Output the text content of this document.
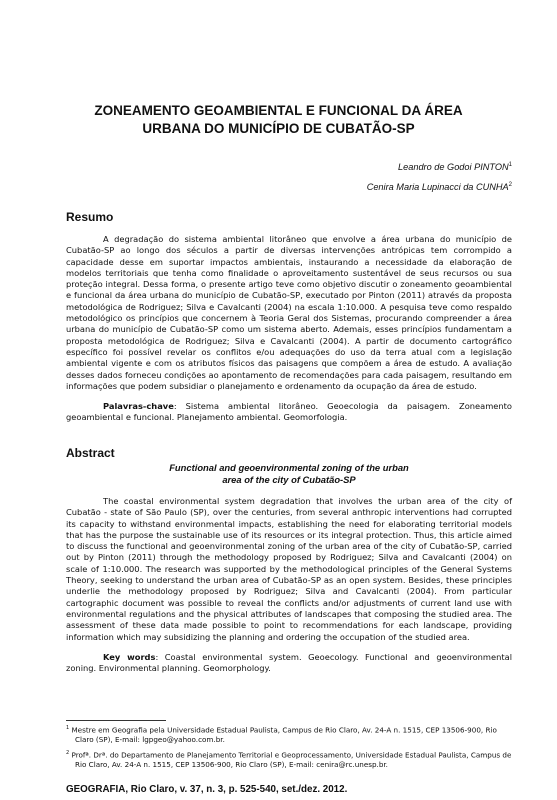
ZONEAMENTO GEOAMBIENTAL E FUNCIONAL DA ÁREA
URBANA DO MUNICÍPIO DE CUBATÃO-SP
Leandro de Godoi PINTON$^1$
Cenira Maria Lupinacci da CUNHA$^2$
Resumo

A degradação do sistema ambiental litorâneo que envolve a área urbana do município de Cubatão-SP ao longo dos séculos a partir de diversas intervenções antrópicas tem corrompido a capacidade desse em suportar impactos ambientais, instaurando a necessidade da elaboração de modelos territoriais que tenha como finalidade o aproveitamento sustentável de seus recursos ou sua proteção integral. Dessa forma, o presente artigo teve como objetivo discutir o zoneamento geoambiental e funcional da área urbana do município de Cubatão-SP, executado por Pinton (2011) através da proposta metodológica de Rodriguez; Silva e Cavalcanti (2004) na escala 1:10.000. A pesquisa teve como respaldo metodológico os princípios que concernem à Teoria Geral dos Sistemas, procurando compreender a área urbana do município de Cubatão-SP como um sistema aberto. Ademais, esses princípios fundamentam a proposta metodológica de Rodriguez; Silva e Cavalcanti (2004). A partir de documento cartográfico específico foi possível revelar os conflitos e/ou adequações do uso da terra atual com a legislação ambiental vigente e com os atributos físicos das paisagens que compõem a área de estudo. A avaliação desses dados forneceu condições ao apontamento de recomendações para cada paisagem, resultando em informações que podem subsidiar o planejamento e ordenamento da ocupação da área de estudo.

Palavras-chave: Sistema ambiental litorâneo. Geoecologia da paisagem. Zoneamento geoambiental e funcional. Planejamento ambiental. Geomorfologia.

Abstract

Functional and geoenvironmental zoning of the urban
area of the city of Cubatão-SP

The coastal environmental system degradation that involves the urban area of the city of Cubatão - state of São Paulo (SP), over the centuries, from several anthropic interventions had corrupted its capacity to withstand environmental impacts, establishing the need for elaborating territorial models that has the purpose the sustainable use of its resources or its integral protection. Thus, this article aimed to discuss the functional and geoenvironmental zoning of the urban area of the city of Cubatão-SP, carried out by Pinton (2011) through the methodology proposed by Rodriguez; Silva and Cavalcanti (2004) on scale of 1:10.000. The research was supported by the methodological principles of the General Systems Theory, seeking to understand the urban area of Cubatão-SP as an open system. Besides, these principles underlie the methodology proposed by Rodriguez; Silva and Cavalcanti (2004). From particular cartographic document was possible to reveal the conflicts and/or adjustments of current land use with environmental regulations and the physical attributes of landscapes that composing the studied area. The assessment of these data made possible to point to recommendations for each landscape, providing information which may subsidizing the planning and ordering the occupation of the studied area.

Key words: Coastal environmental system. Geoecology. Functional and geoenvironmental zoning. Environmental planning. Geomorphology.

$^1$ Mestre em Geografia pela Universidade Estadual Paulista, Campus de Rio Claro, Av. 24-A n. 1515, CEP 13506-900, Rio Claro (SP), E-mail: lgpgeo@yahoo.com.br.

$^2$ Profª. Drª. do Departamento de Planejamento Territorial e Geoprocessamento, Universidade Estadual Paulista, Campus de Rio Claro, Av. 24-A n. 1515, CEP 13506-900, Rio Claro (SP), E-mail: cenira@rc.unesp.br.

GEOGRAFIA, Rio Claro, v. 37, n. 3, p. 525-540, set./dez. 2012.
